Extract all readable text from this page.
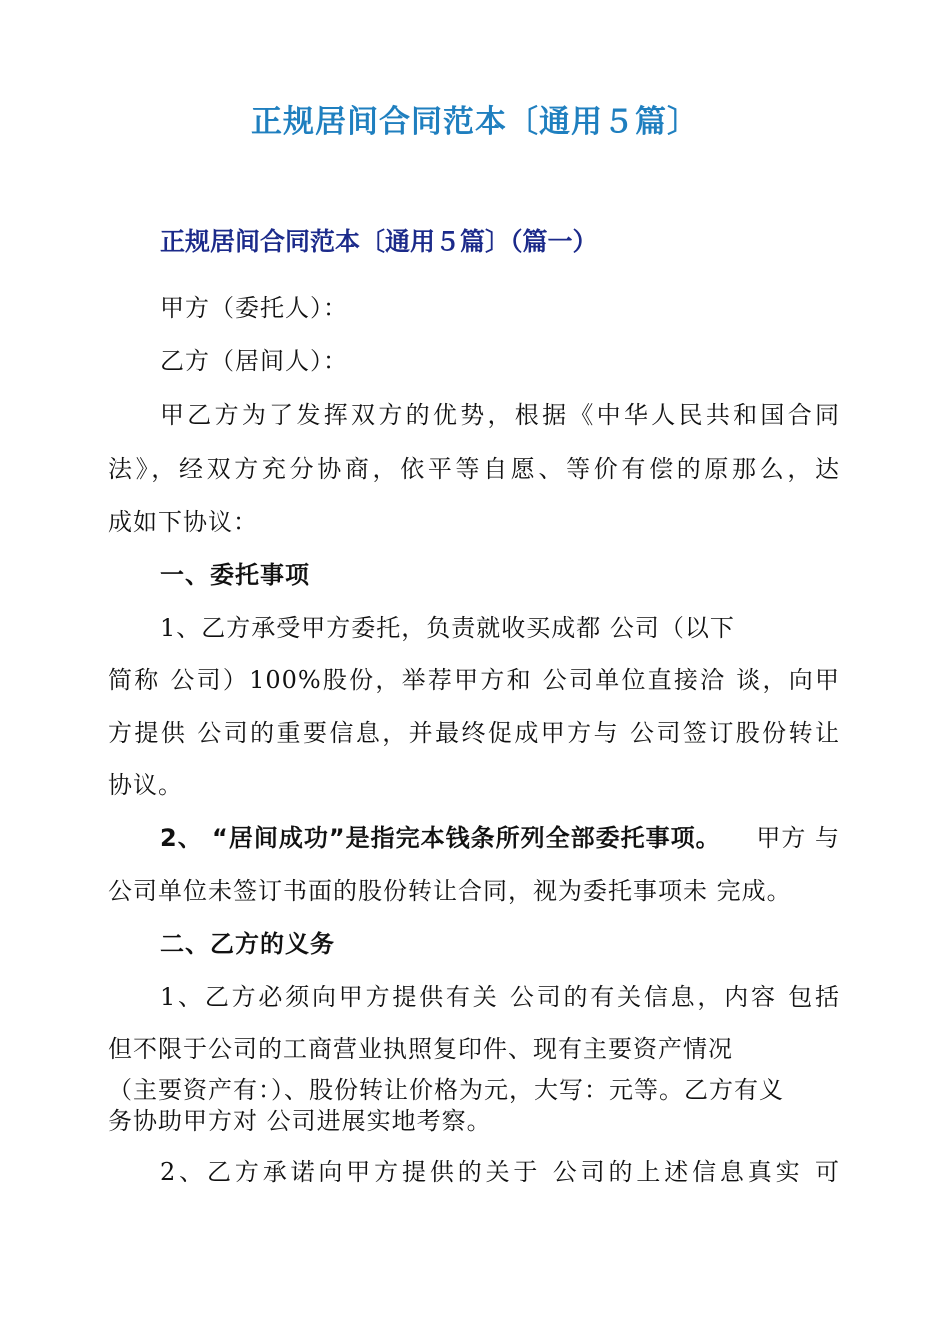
正规居间合同范本〔通用５篇〕
正规居间合同范本〔通用５篇〕（篇一）

甲方（委托人）：

乙方（居间人）：

甲乙方为了发挥双方的优势，根据《中华人民共和国合同

法》，经双方充分协商，依平等自愿、等价有偿的原那么，达

成如下协议：

一、委托事项

1、乙方承受甲方委托，负责就收买成都 公司（以下

简称 公司）100%股份，举荐甲方和 公司单位直接洽 谈，向甲

方提供 公司的重要信息，并最终促成甲方与 公司签订股份转让

协议。

2、 “居间成功”是指完本钱条所列全部委托事项。 甲方 与

公司单位未签订书面的股份转让合同，视为委托事项未 完成。

二、乙方的义务

1、乙方必须向甲方提供有关 公司的有关信息，内容 包括

但不限于公司的工商营业执照复印件、现有主要资产情况

（主要资产有：）、股份转让价格为元，大写：元等。乙方有义

务协助甲方对 公司进展实地考察。

2、乙方承诺向甲方提供的关于 公司的上述信息真实 可
